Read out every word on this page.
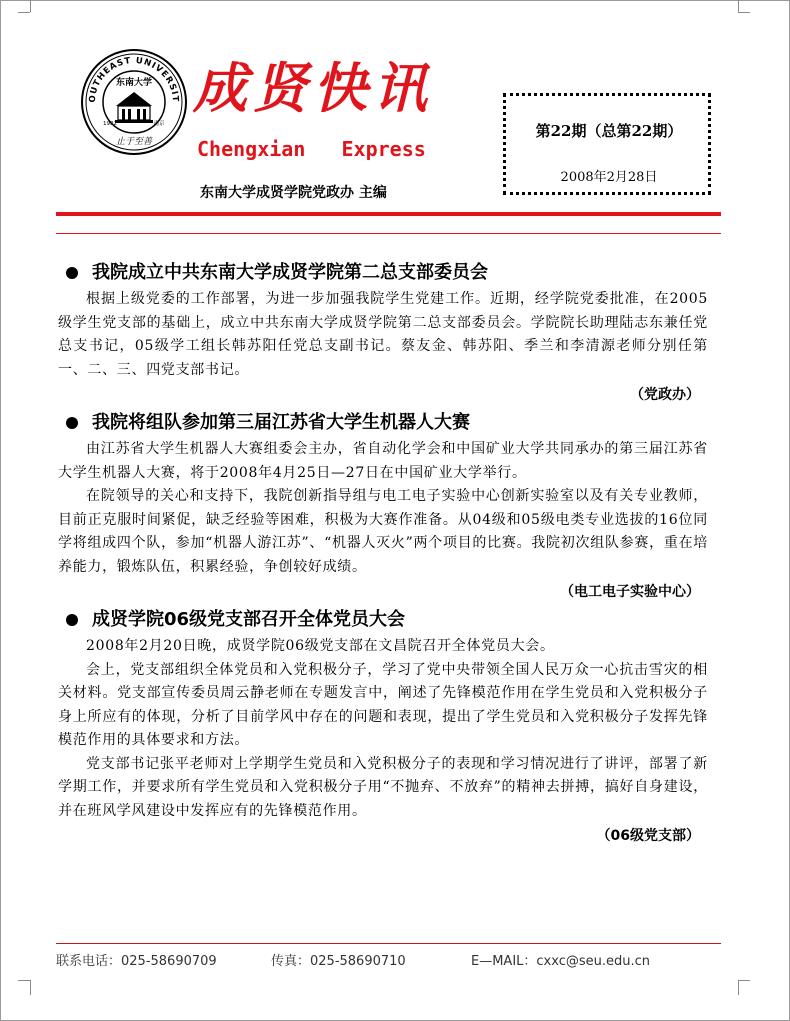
OUTHEAST UNIVERSIT
东南大学
1902	南京
止于至善
成贤快讯
Chengxian   Express
东南大学成贤学院党政办 主编
第22期（总第22期）
2008年2月28日
我院成立中共东南大学成贤学院第二总支部委员会

根据上级党委的工作部署，为进一步加强我院学生党建工作。近期，经学院党委批准，在2005级学生党支部的基础上，成立中共东南大学成贤学院第二总支部委员会。学院院长助理陆志东兼任党总支书记，05级学工组长韩苏阳任党总支副书记。蔡友金、韩苏阳、季兰和李清源老师分别任第一、二、三、四党支部书记。

（党政办）

我院将组队参加第三届江苏省大学生机器人大赛

由江苏省大学生机器人大赛组委会主办，省自动化学会和中国矿业大学共同承办的第三届江苏省大学生机器人大赛，将于2008年4月25日—27日在中国矿业大学举行。

在院领导的关心和支持下，我院创新指导组与电工电子实验中心创新实验室以及有关专业教师，目前正克服时间紧促，缺乏经验等困难，积极为大赛作准备。从04级和05级电类专业选拔的16位同学将组成四个队，参加“机器人游江苏”、“机器人灭火”两个项目的比赛。我院初次组队参赛，重在培养能力，锻炼队伍，积累经验，争创较好成绩。

（电工电子实验中心）

成贤学院06级党支部召开全体党员大会

2008年2月20日晚，成贤学院06级党支部在文昌院召开全体党员大会。

会上，党支部组织全体党员和入党积极分子，学习了党中央带领全国人民万众一心抗击雪灾的相关材料。党支部宣传委员周云静老师在专题发言中，阐述了先锋模范作用在学生党员和入党积极分子身上所应有的体现，分析了目前学风中存在的问题和表现，提出了学生党员和入党积极分子发挥先锋模范作用的具体要求和方法。

党支部书记张平老师对上学期学生党员和入党积极分子的表现和学习情况进行了讲评，部署了新学期工作，并要求所有学生党员和入党积极分子用“不抛弃、不放弃”的精神去拼搏，搞好自身建设，并在班风学风建设中发挥应有的先锋模范作用。

（06级党支部）

联系电话：025-58690709	传真：025-58690710	E—MAIL：cxxc@seu.edu.cn
